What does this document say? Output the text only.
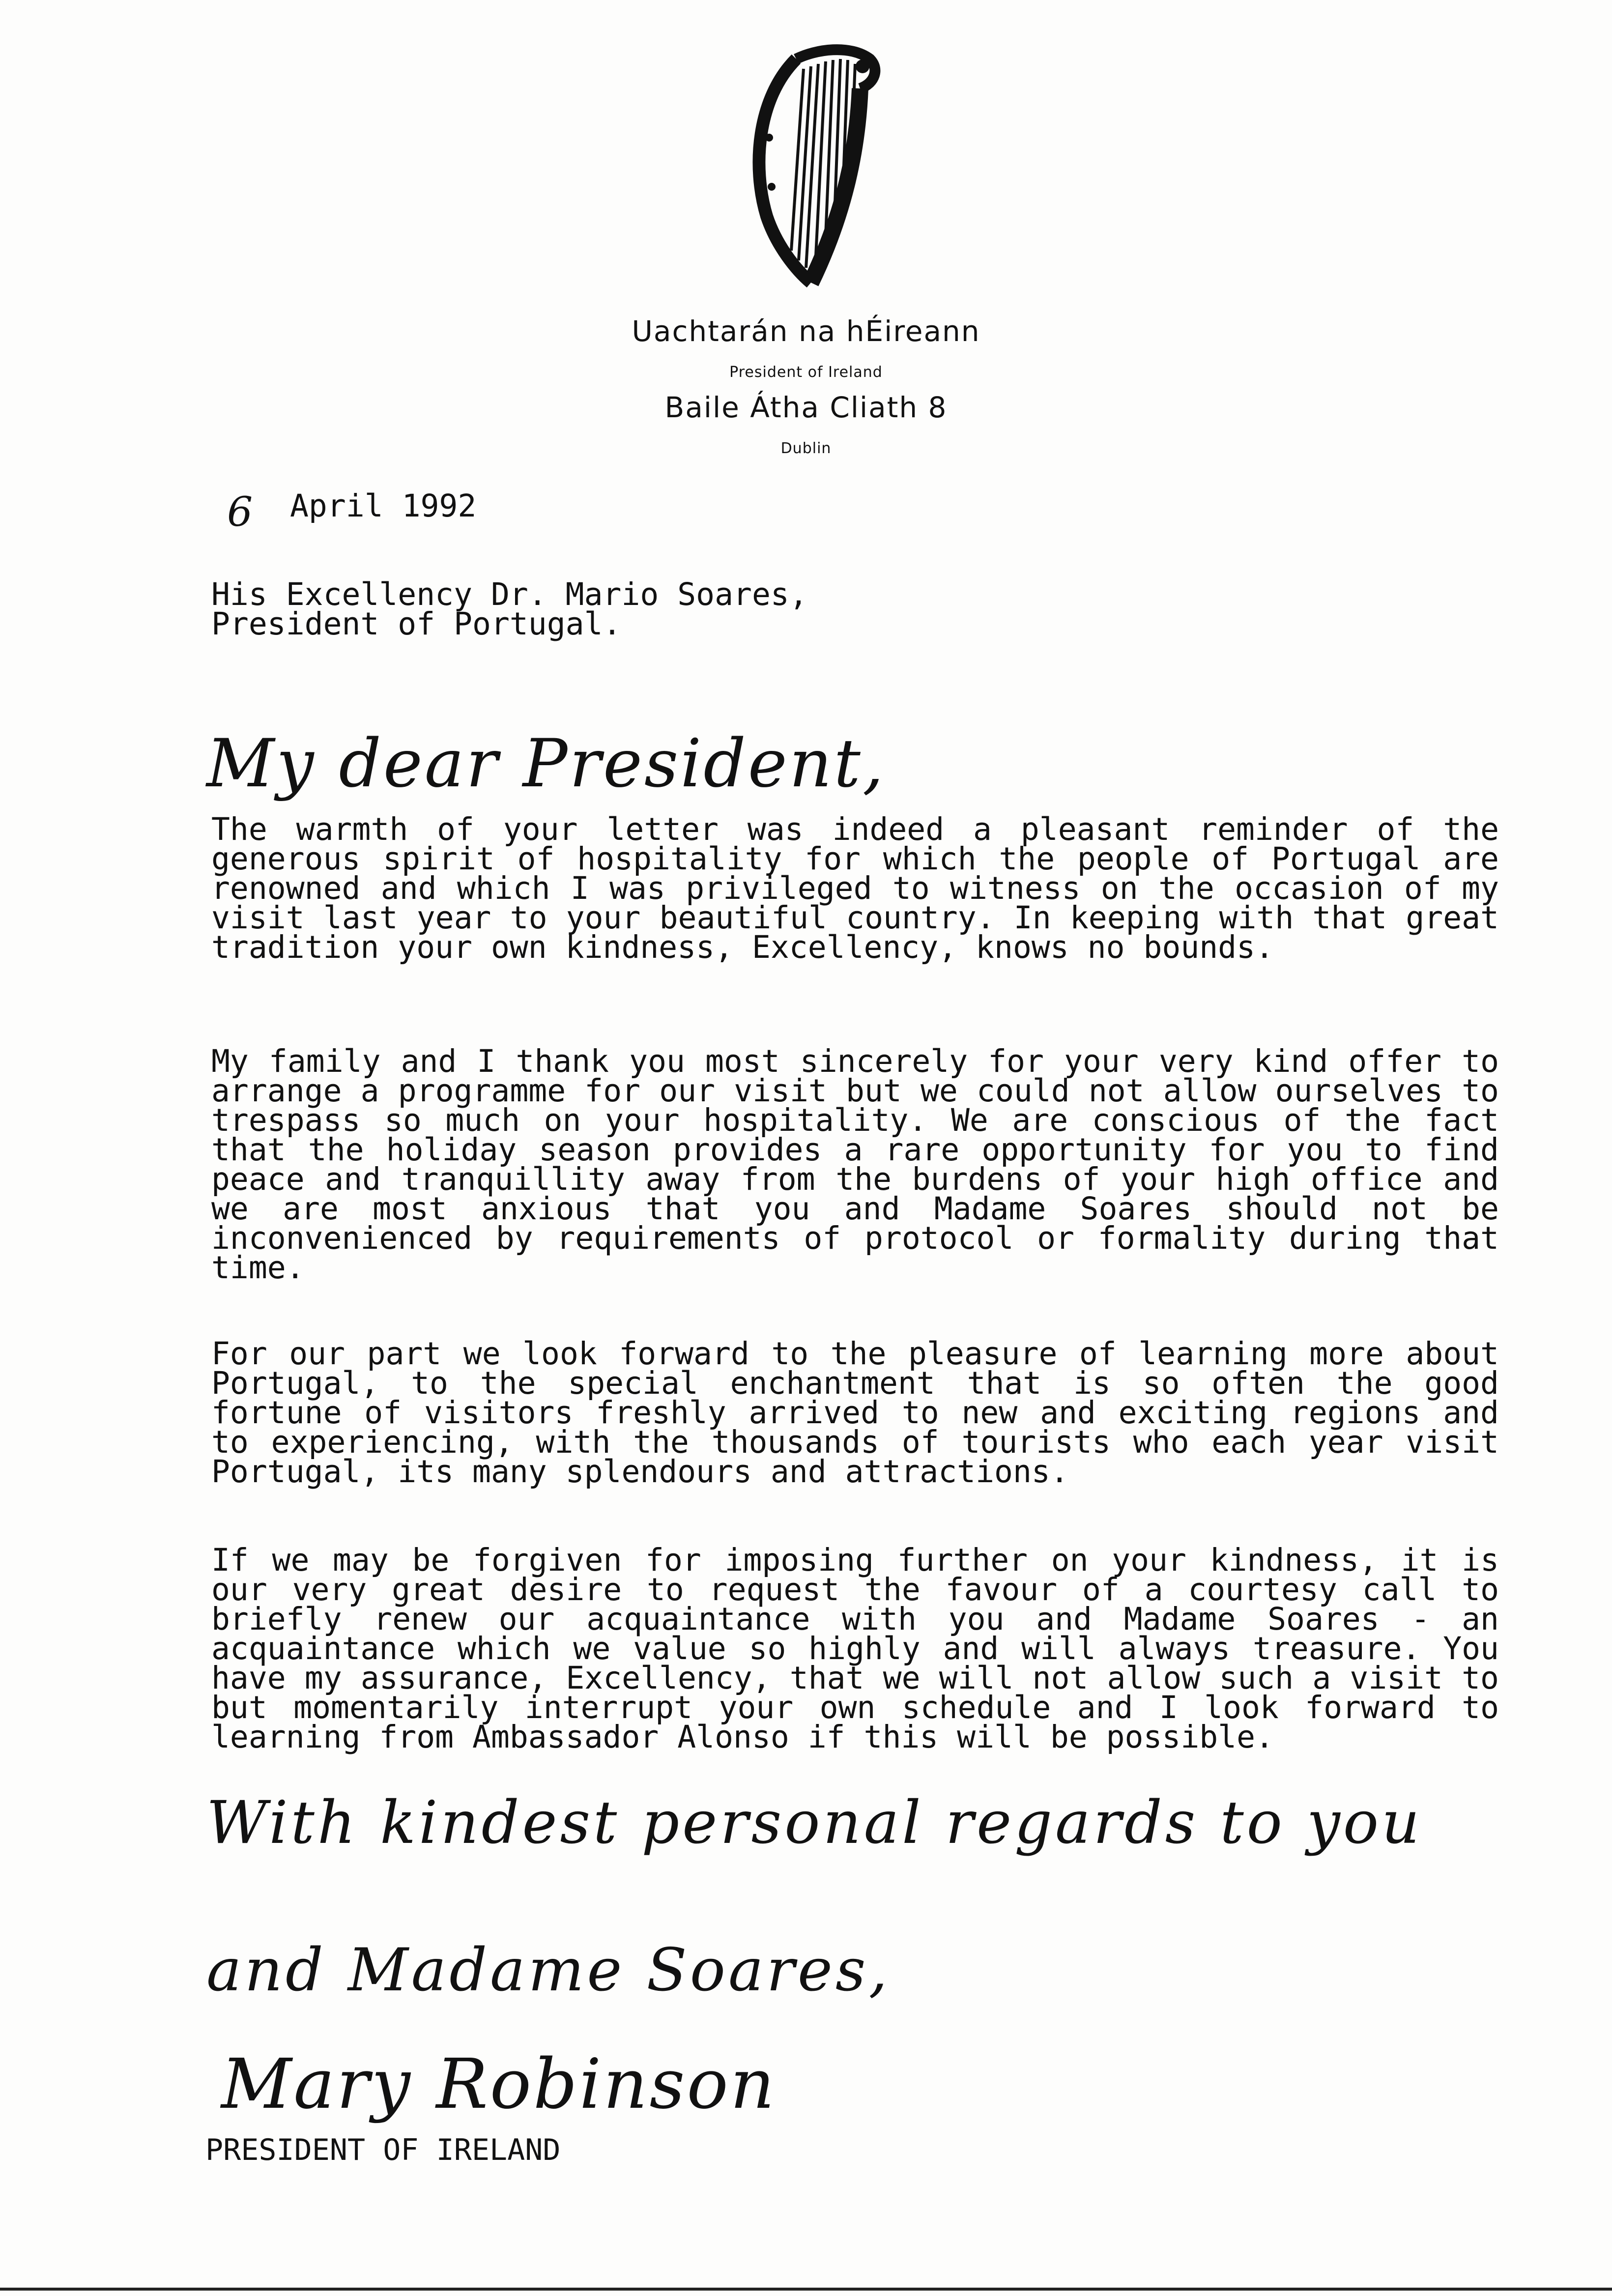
Uachtarán na hÉireann
President of Ireland
Baile Átha Cliath 8
Dublin
6 April 1992
His Excellency Dr. Mario Soares,
President of Portugal.
My dear President,

The warmth of your letter was indeed a pleasant reminder of the generous spirit of hospitality for which the people of Portugal are renowned and which I was privileged to witness on the occasion of my visit last year to your beautiful country. In keeping with that great tradition your own kindness, Excellency, knows no bounds.

My family and I thank you most sincerely for your very kind offer to arrange a programme for our visit but we could not allow ourselves to trespass so much on your hospitality. We are conscious of the fact that the holiday season provides a rare opportunity for you to find peace and tranquillity away from the burdens of your high office and we are most anxious that you and Madame Soares should not be inconvenienced by requirements of protocol or formality during that time.

For our part we look forward to the pleasure of learning more about Portugal, to the special enchantment that is so often the good fortune of visitors freshly arrived to new and exciting regions and to experiencing, with the thousands of tourists who each year visit Portugal, its many splendours and attractions.

If we may be forgiven for imposing further on your kindness, it is our very great desire to request the favour of a courtesy call to briefly renew our acquaintance with you and Madame Soares - an acquaintance which we value so highly and will always treasure. You have my assurance, Excellency, that we will not allow such a visit to but momentarily interrupt your own schedule and I look forward to learning from Ambassador Alonso if this will be possible.

With kindest personal regards to you
and Madame Soares,
Mary Robinson
PRESIDENT OF IRELAND
